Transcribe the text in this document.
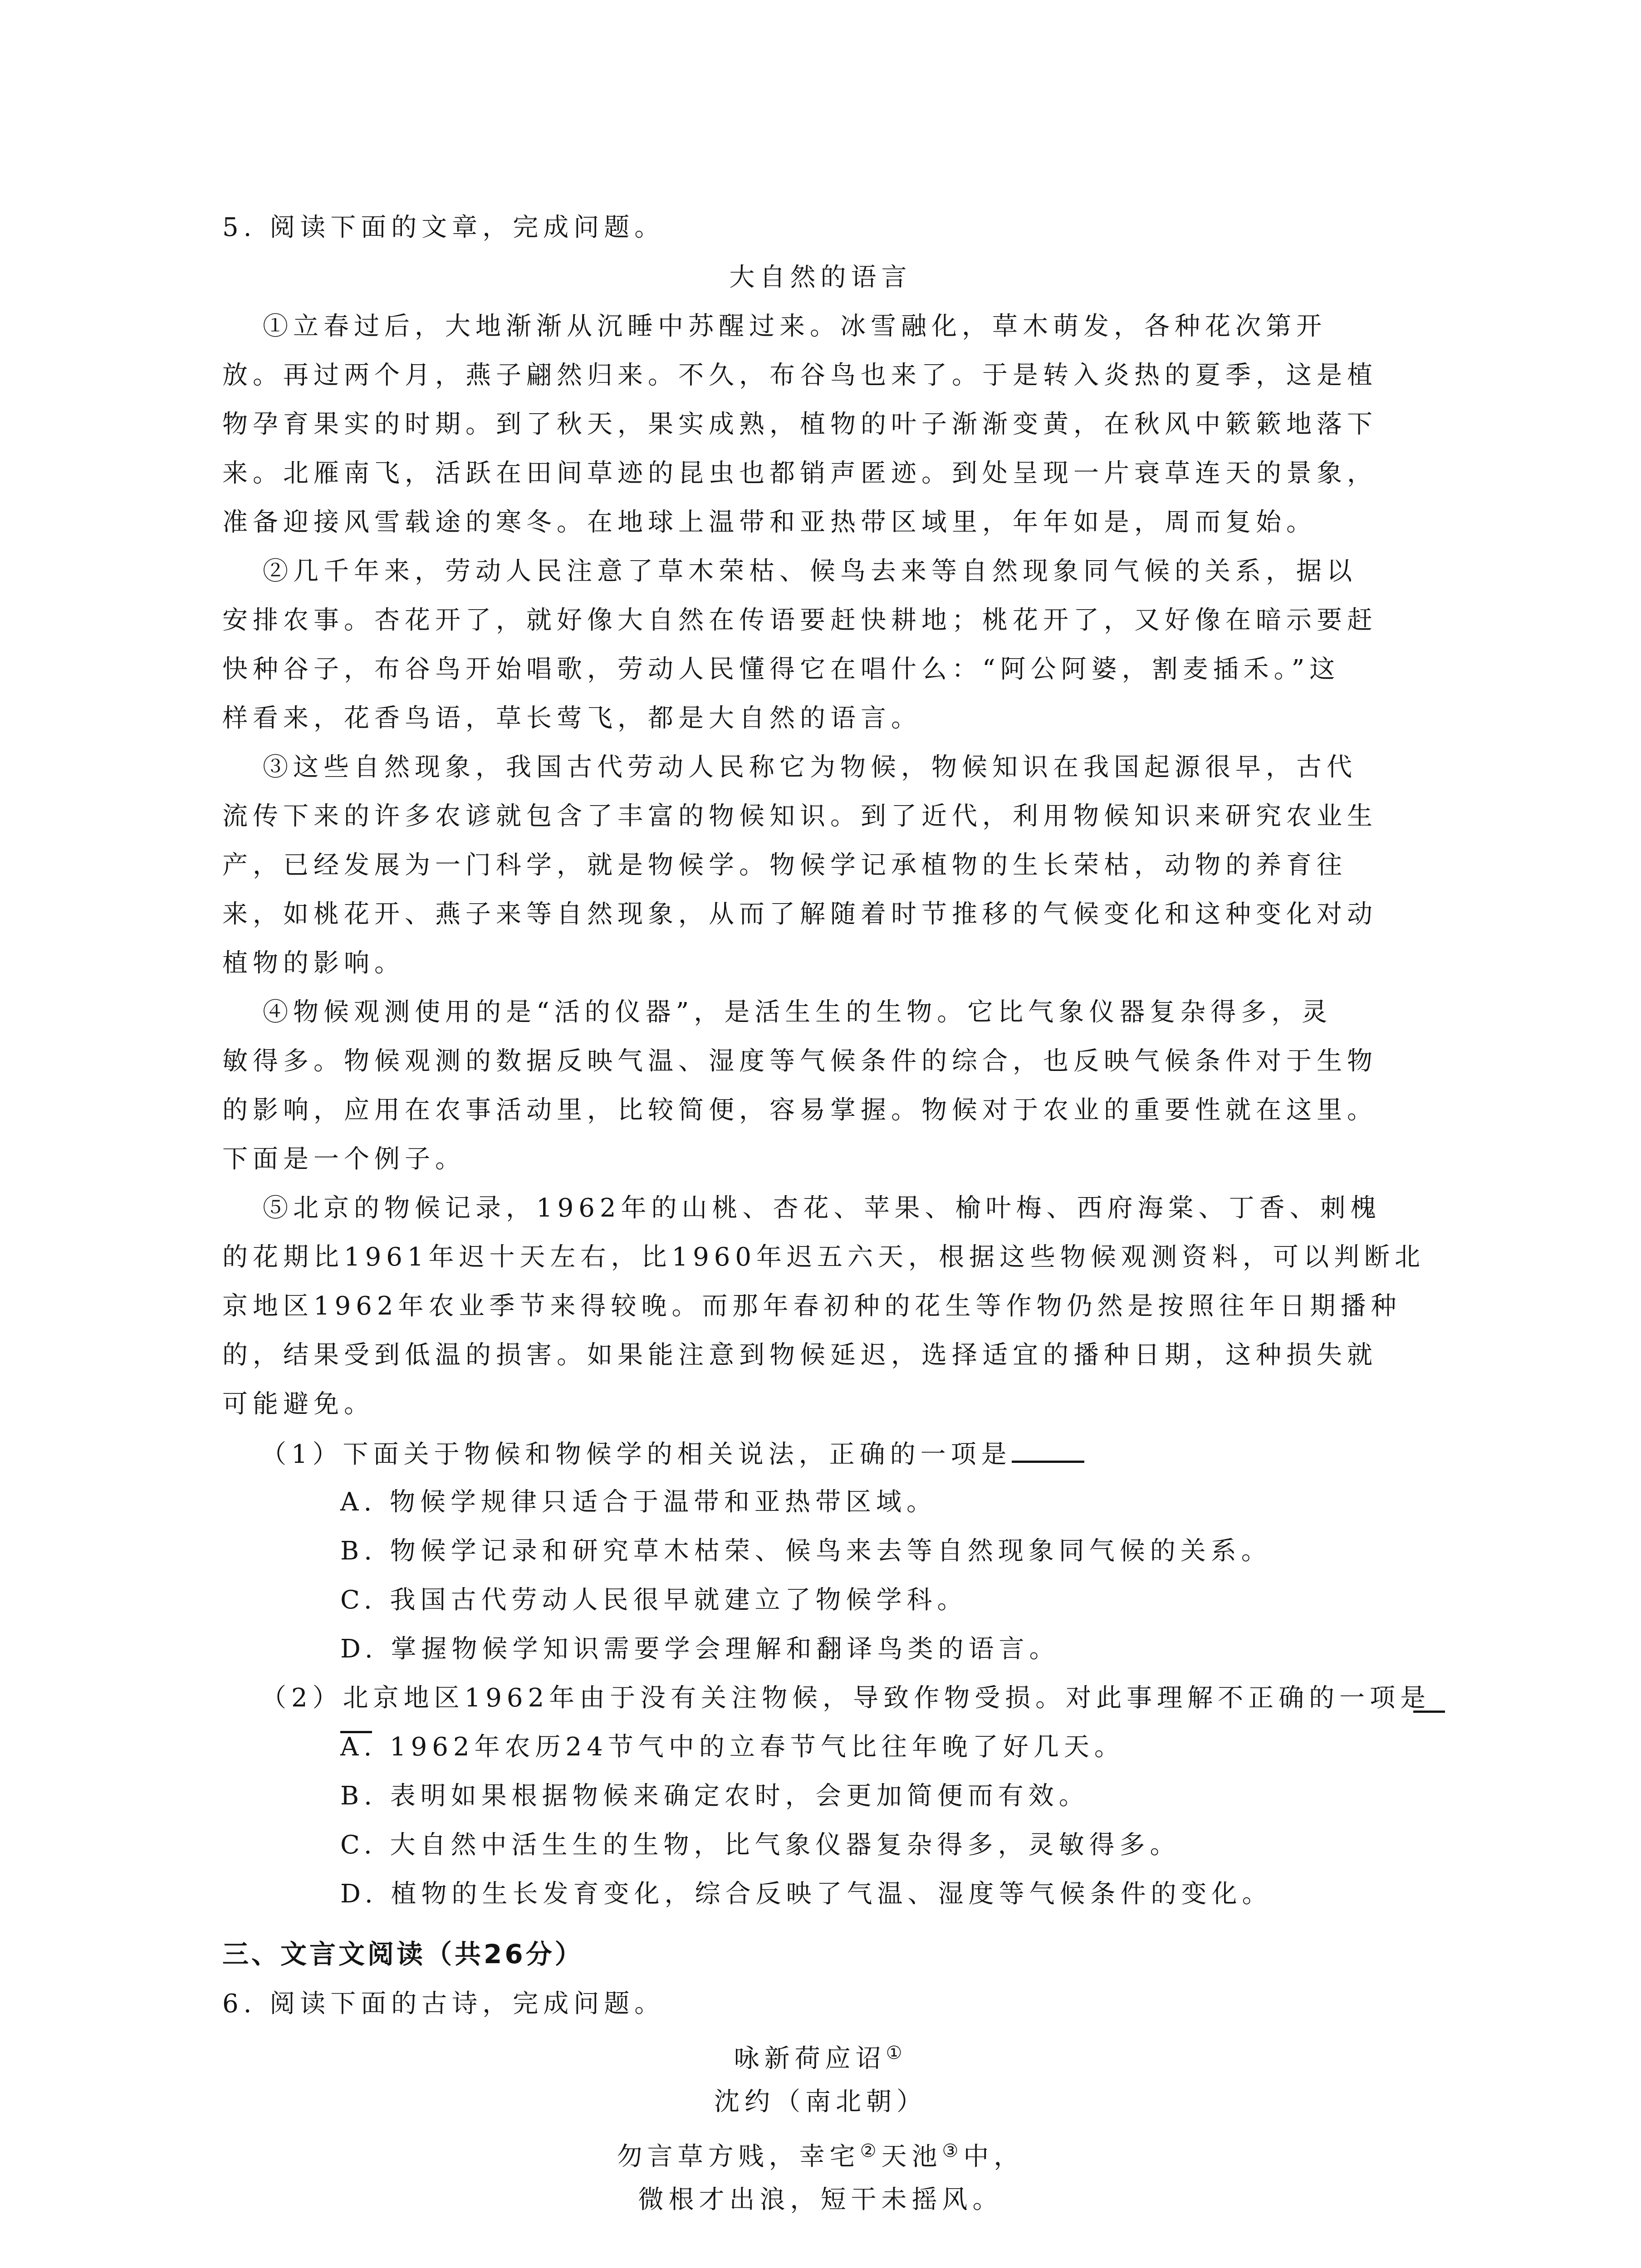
5. 阅读下面的文章，完成问题。

大自然的语言

①立春过后，大地渐渐从沉睡中苏醒过来。冰雪融化，草木萌发，各种花次第开

放。再过两个月，燕子翩然归来。不久，布谷鸟也来了。于是转入炎热的夏季，这是植

物孕育果实的时期。到了秋天，果实成熟，植物的叶子渐渐变黄，在秋风中簌簌地落下

来。北雁南飞，活跃在田间草迹的昆虫也都销声匿迹。到处呈现一片衰草连天的景象，

准备迎接风雪载途的寒冬。在地球上温带和亚热带区域里，年年如是，周而复始。

②几千年来，劳动人民注意了草木荣枯、候鸟去来等自然现象同气候的关系，据以

安排农事。杏花开了，就好像大自然在传语要赶快耕地；桃花开了，又好像在暗示要赶

快种谷子，布谷鸟开始唱歌，劳动人民懂得它在唱什么：“阿公阿婆，割麦插禾。”这

样看来，花香鸟语，草长莺飞，都是大自然的语言。

③这些自然现象，我国古代劳动人民称它为物候，物候知识在我国起源很早，古代

流传下来的许多农谚就包含了丰富的物候知识。到了近代，利用物候知识来研究农业生

产，已经发展为一门科学，就是物候学。物候学记承植物的生长荣枯，动物的养育往

来，如桃花开、燕子来等自然现象，从而了解随着时节推移的气候变化和这种变化对动

植物的影响。

④物候观测使用的是“活的仪器”，是活生生的生物。它比气象仪器复杂得多，灵

敏得多。物候观测的数据反映气温、湿度等气候条件的综合，也反映气候条件对于生物

的影响，应用在农事活动里，比较简便，容易掌握。物候对于农业的重要性就在这里。

下面是一个例子。

⑤北京的物候记录，1962年的山桃、杏花、苹果、榆叶梅、西府海棠、丁香、刺槐

的花期比1961年迟十天左右，比1960年迟五六天，根据这些物候观测资料，可以判断北

京地区1962年农业季节来得较晚。而那年春初种的花生等作物仍然是按照往年日期播种

的，结果受到低温的损害。如果能注意到物候延迟，选择适宜的播种日期，这种损失就

可能避免。

（1）下面关于物候和物候学的相关说法，正确的一项是

A. 物候学规律只适合于温带和亚热带区域。

B. 物候学记录和研究草木枯荣、候鸟来去等自然现象同气候的关系。

C. 我国古代劳动人民很早就建立了物候学科。

D. 掌握物候学知识需要学会理解和翻译鸟类的语言。

（2）北京地区1962年由于没有关注物候，导致作物受损。对此事理解不正确的一项是

A. 1962年农历24节气中的立春节气比往年晚了好几天。

B. 表明如果根据物候来确定农时，会更加简便而有效。

C. 大自然中活生生的生物，比气象仪器复杂得多，灵敏得多。

D. 植物的生长发育变化，综合反映了气温、湿度等气候条件的变化。

三、文言文阅读（共26分）

6. 阅读下面的古诗，完成问题。

咏新荷应诏①

沈约（南北朝）

勿言草方贱，幸宅②天池③中，

微根才出浪，短干未摇风。
